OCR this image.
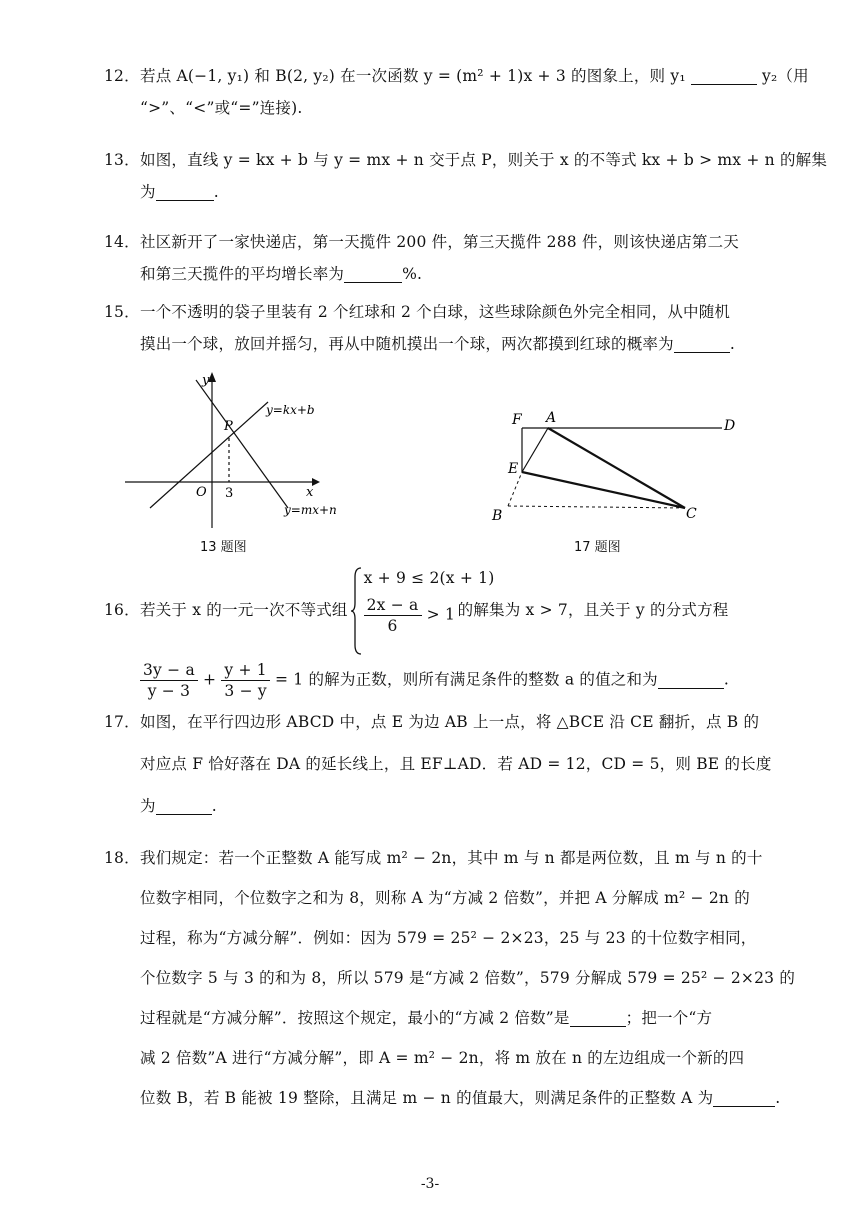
12．若点 A(−1, y₁) 和 B(2, y₂) 在一次函数 y = (m² + 1)x + 3 的图象上，则 y₁	y₂（用
“>”、“<”或“=”连接).
13．如图，直线 y = kx + b 与 y = mx + n 交于点 P，则关于 x 的不等式 kx + b > mx + n 的解集
为	.
14．社区新开了一家快递店，第一天揽件 200 件，第三天揽件 288 件，则该快递店第二天
和第三天揽件的平均增长率为	%.
15．一个不透明的袋子里装有 2 个红球和 2 个白球，这些球除颜色外完全相同，从中随机
摸出一个球，放回并摇匀，再从中随机摸出一个球，两次都摸到红球的概率为	.
y
x
O 3
P
y=kx+b
y=mx+n
13 题图
F A	D
E
B	C
17 题图
16．若关于 x 的一元一次不等式组
x + 9 ≤ 2(x + 1)
$\frac{2x - a}{6} > 1$ 的解集为 x > 7，且关于 y 的分式方程
$\frac{3y - a}{y - 3} + \frac{y + 1}{3 - y} = 1$ 的解为正数，则所有满足条件的整数 a 的值之和为	.
17．如图，在平行四边形 ABCD 中，点 E 为边 AB 上一点，将 △BCE 沿 CE 翻折，点 B 的
对应点 F 恰好落在 DA 的延长线上，且 EF⊥AD．若 AD = 12，CD = 5，则 BE 的长度
为	.
18．我们规定：若一个正整数 A 能写成 m² − 2n，其中 m 与 n 都是两位数，且 m 与 n 的十
位数字相同，个位数字之和为 8，则称 A 为“方减 2 倍数”，并把 A 分解成 m² − 2n 的
过程，称为“方减分解”．例如：因为 579 = 25² − 2×23，25 与 23 的十位数字相同，
个位数字 5 与 3 的和为 8，所以 579 是“方减 2 倍数”，579 分解成 579 = 25² − 2×23 的
过程就是“方减分解”．按照这个规定，最小的“方减 2 倍数”是	；把一个“方
减 2 倍数”A 进行“方减分解”，即 A = m² − 2n，将 m 放在 n 的左边组成一个新的四
位数 B，若 B 能被 19 整除，且满足 m − n 的值最大，则满足条件的正整数 A 为	.
-3-
